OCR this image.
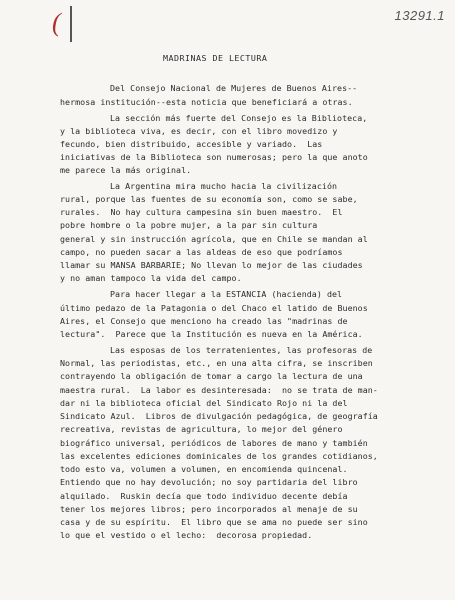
(	13291.1
MADRINAS DE LECTURA
Del Consejo Nacional de Mujeres de Buenos Aires--
hermosa institución--esta noticia que beneficiará a otras.
La sección más fuerte del Consejo es la Biblioteca,
y la biblioteca viva, es decir, con el libro movedizo y
fecundo, bien distribuido, accesible y variado.  Las
iniciativas de la Biblioteca son numerosas; pero la que anoto
me parece la más original.
La Argentina mira mucho hacia la civilización
rural, porque las fuentes de su economía son, como se sabe,
rurales.  No hay cultura campesina sin buen maestro.  El
pobre hombre o la pobre mujer, a la par sin cultura
general y sin instrucción agrícola, que en Chile se mandan al
campo, no pueden sacar a las aldeas de eso que podríamos
llamar su MANSA BARBARIE; No llevan lo mejor de las ciudades
y no aman tampoco la vida del campo.
Para hacer llegar a la ESTANCIA (hacienda) del
último pedazo de la Patagonia o del Chaco el latido de Buenos
Aires, el Consejo que menciono ha creado las "madrinas de
lectura".  Parece que la Institución es nueva en la América.
Las esposas de los terratenientes, las profesoras de
Normal, las periodistas, etc., en una alta cifra, se inscriben
contrayendo la obligación de tomar a cargo la lectura de una
maestra rural.  La labor es desinteresada:  no se trata de man-
dar ni la biblioteca oficial del Sindicato Rojo ni la del
Sindicato Azul.  Libros de divulgación pedagógica, de geografía
recreativa, revistas de agricultura, lo mejor del género
biográfico universal, periódicos de labores de mano y también
las excelentes ediciones dominicales de los grandes cotidianos,
todo esto va, volumen a volumen, en encomienda quincenal.
Entiendo que no hay devolución; no soy partidaria del libro
alquilado.  Ruskin decía que todo individuo decente debía
tener los mejores libros; pero incorporados al menaje de su
casa y de su espíritu.  El libro que se ama no puede ser sino
lo que el vestido o el lecho:  decorosa propiedad.
